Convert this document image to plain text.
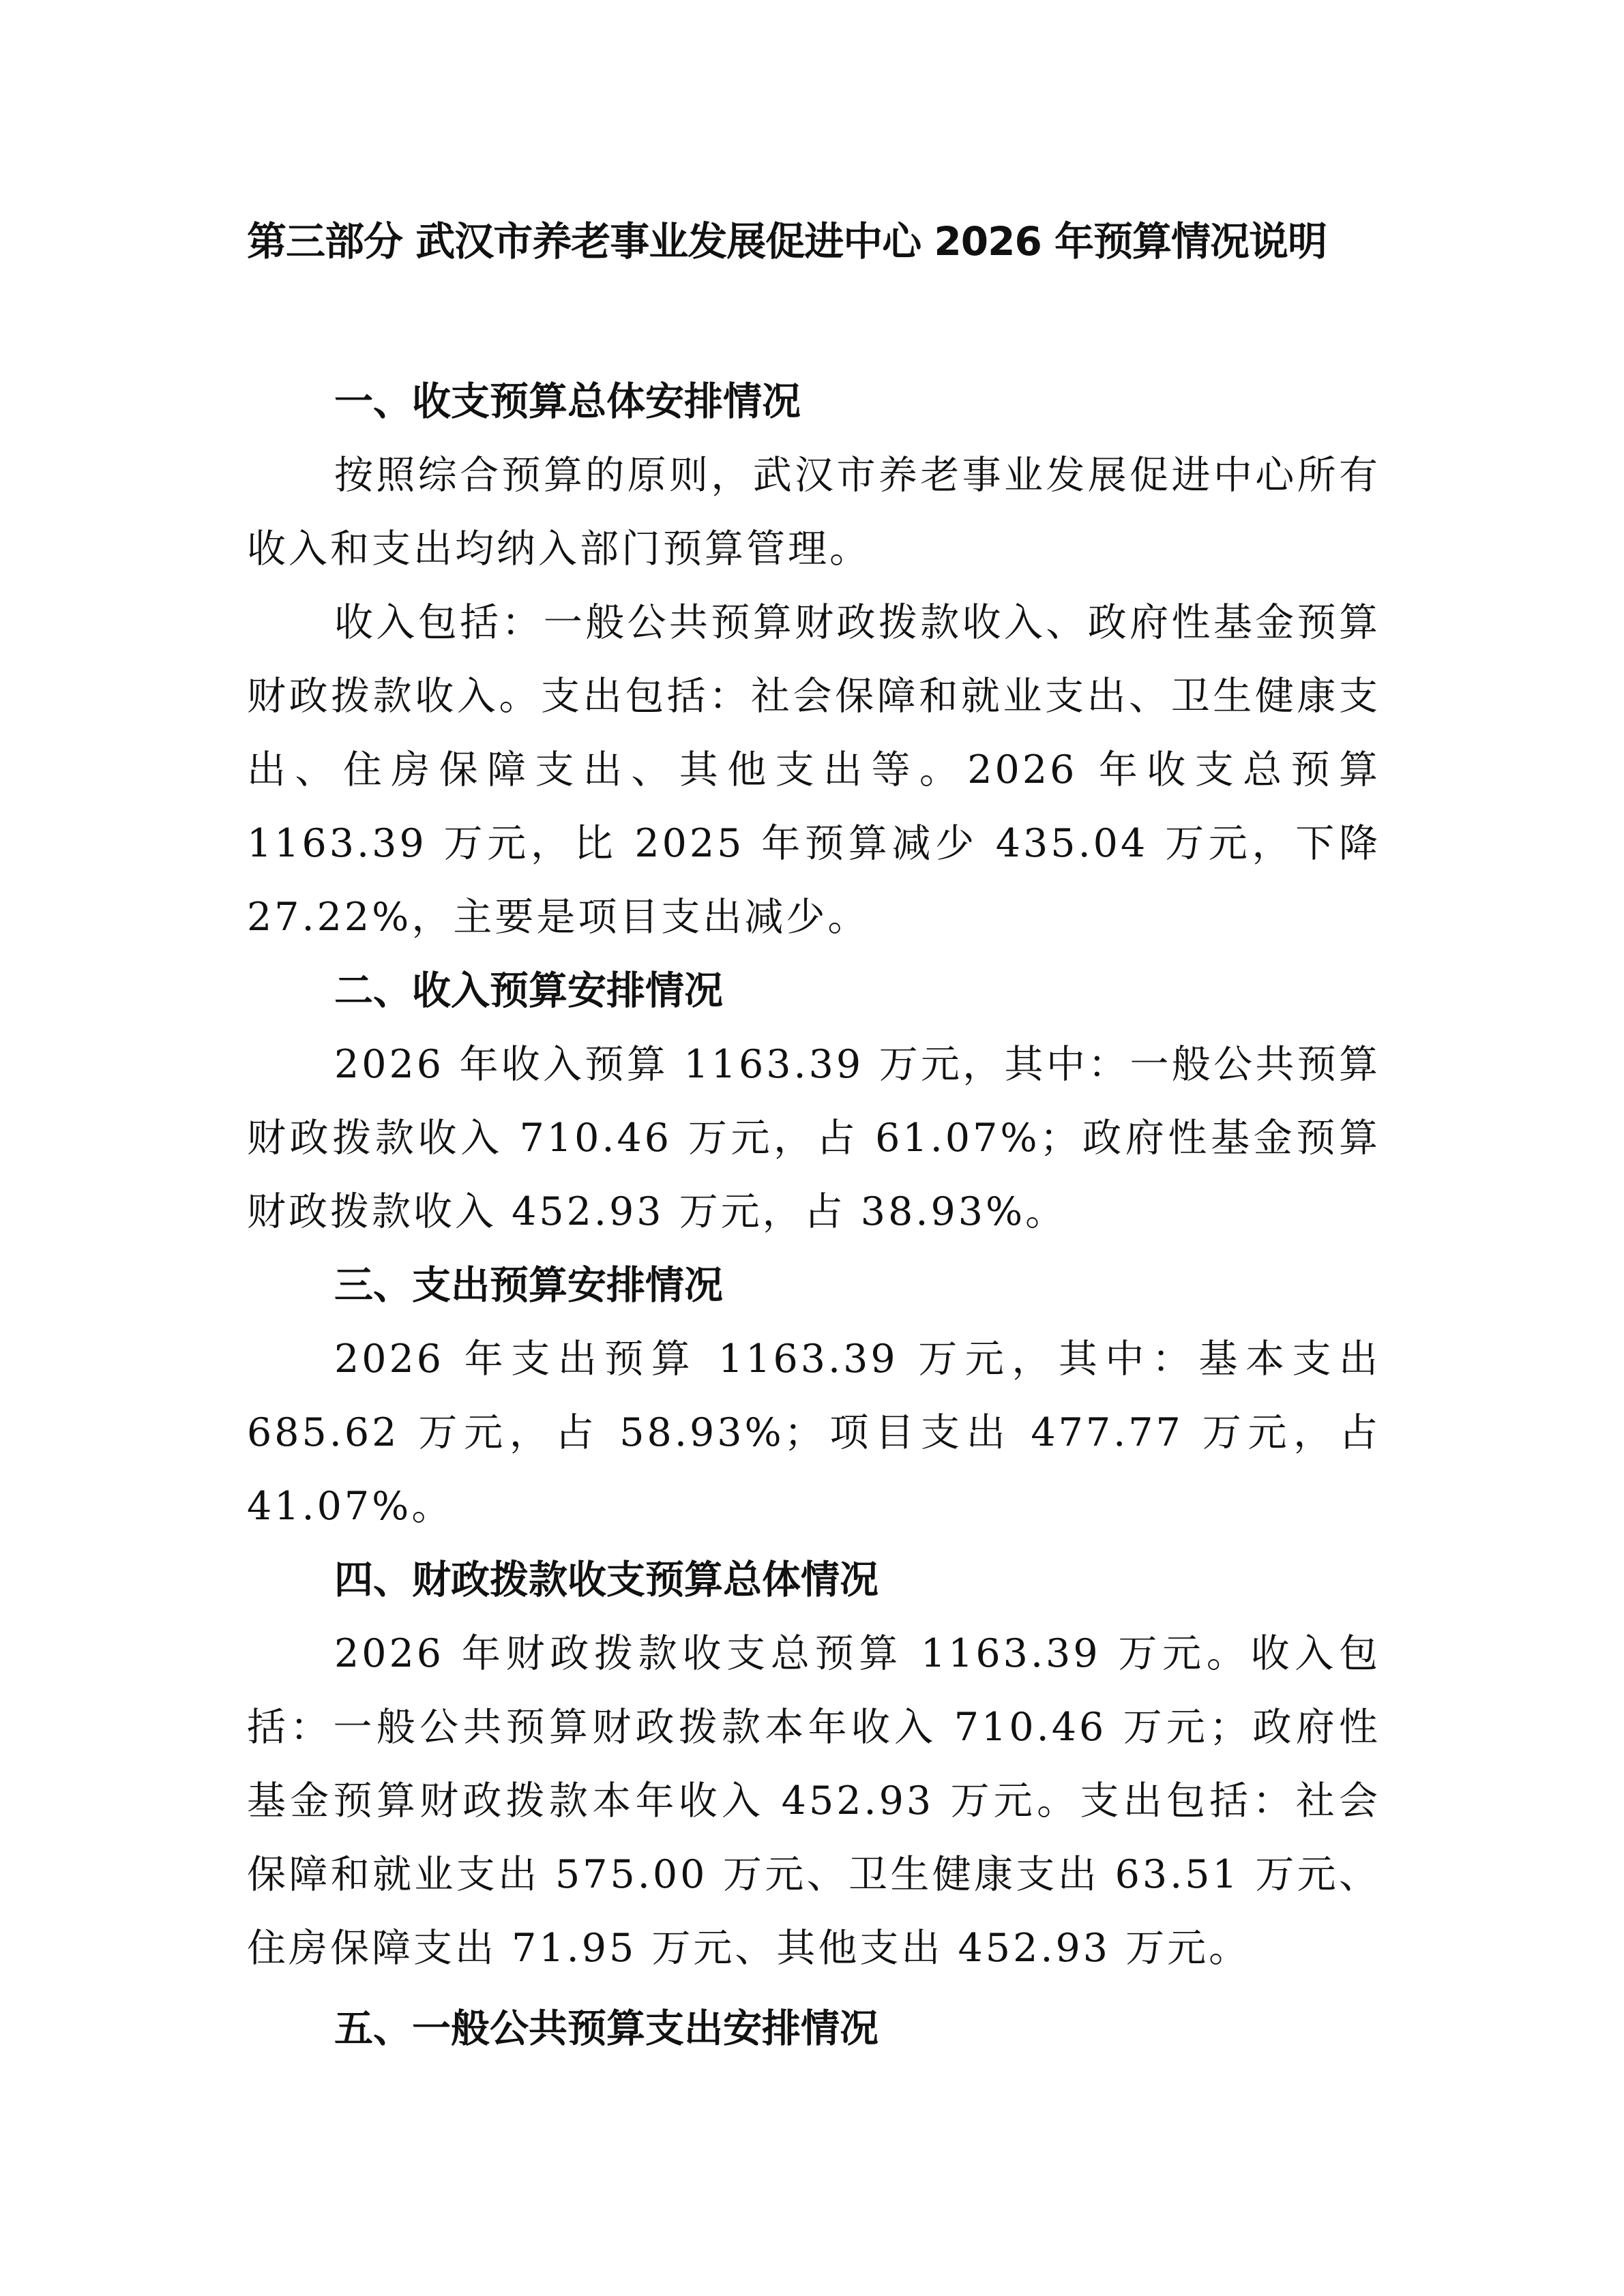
第三部分 武汉市养老事业发展促进中心 2026 年预算情况说明

一、收支预算总体安排情况

按照综合预算的原则，武汉市养老事业发展促进中心所有收入和支出均纳入部门预算管理。

收入包括：一般公共预算财政拨款收入、政府性基金预算财政拨款收入。支出包括：社会保障和就业支出、卫生健康支出、住房保障支出、其他支出等。2026 年收支总预算 1163.39 万元，比 2025 年预算减少 435.04 万元，下降 27.22%，主要是项目支出减少。

二、收入预算安排情况

2026 年收入预算 1163.39 万元，其中：一般公共预算财政拨款收入 710.46 万元，占 61.07%；政府性基金预算财政拨款收入 452.93 万元，占 38.93%。

三、支出预算安排情况

2026 年支出预算 1163.39 万元，其中：基本支出 685.62 万元，占 58.93%；项目支出 477.77 万元，占 41.07%。

四、财政拨款收支预算总体情况

2026 年财政拨款收支总预算 1163.39 万元。收入包括：一般公共预算财政拨款本年收入 710.46 万元；政府性基金预算财政拨款本年收入 452.93 万元。支出包括：社会保障和就业支出 575.00 万元、卫生健康支出 63.51 万元、住房保障支出 71.95 万元、其他支出 452.93 万元。

五、一般公共预算支出安排情况
